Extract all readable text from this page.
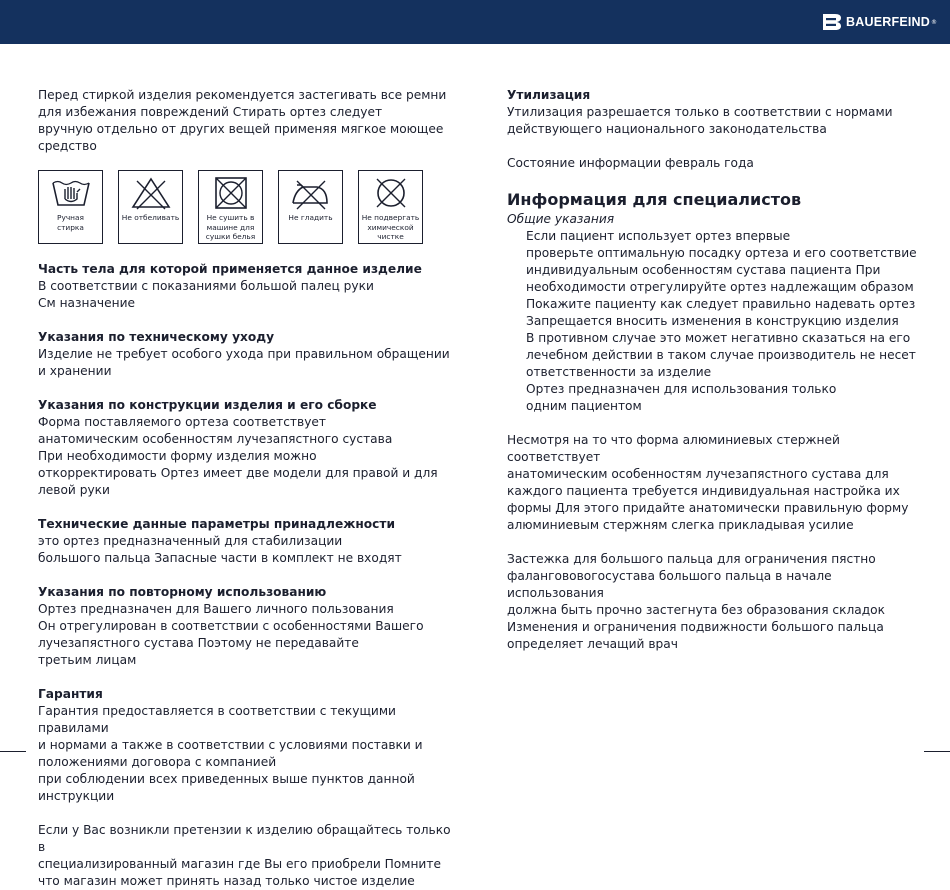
BAUERFEIND ®

Перед стиркой изделия рекомендуется застегивать все ремни
для избежания повреждений Стирать ортез следует
вручную отдельно от других вещей применяя мягкое моющее
средство

Ручная
стирка
Не отбеливать	Не сушить в
машине для
сушки белья
Не гладить	Не подвергать
химической
чистке
Часть тела для которой применяется данное изделие

В соответствии с показаниями большой палец руки
См назначение

Указания по техническому уходу

Изделие не требует особого ухода при правильном обращении
и хранении

Указания по конструкции изделия и его сборке

Форма поставляемого ортеза соответствует
анатомическим особенностям лучезапястного сустава
При необходимости форму изделия можно
откорректировать Ортез имеет две модели для правой и для
левой руки

Технические данные параметры принадлежности

это ортез предназначенный для стабилизации
большого пальца Запасные части в комплект не входят

Указания по повторному использованию

Ортез предназначен для Вашего личного пользования
Он отрегулирован в соответствии с особенностями Вашего
лучезапястного сустава Поэтому не передавайте
третьим лицам

Гарантия

Гарантия предоставляется в соответствии с текущими правилами
и нормами а также в соответствии с условиями поставки и
положениями договора с компанией
при соблюдении всех приведенных выше пунктов данной
инструкции

Если у Вас возникли претензии к изделию обращайтесь только в
специализированный магазин где Вы его приобрели Помните
что магазин может принять назад только чистое изделие

Утилизация

Утилизация разрешается только в соответствии с нормами
действующего национального законодательства

Состояние информации февраль года

Информация для специалистов

Общие указания

Если пациент использует ортез впервые
проверьте оптимальную посадку ортеза и его соответствие
индивидуальным особенностям сустава пациента При
необходимости отрегулируйте ортез надлежащим образом
Покажите пациенту как следует правильно надевать ортез
Запрещается вносить изменения в конструкцию изделия
В противном случае это может негативно сказаться на его
лечебном действии в таком случае производитель не несет
ответственности за изделие
Ортез предназначен для использования только
одним пациентом

Несмотря на то что форма алюминиевых стержней соответствует
анатомическим особенностям лучезапястного сустава для
каждого пациента требуется индивидуальная настройка их
формы Для этого придайте анатомически правильную форму
алюминиевым стержням слегка прикладывая усилие

Застежка для большого пальца для ограничения пястно
фалангововогосустава большого пальца в начале использования
должна быть прочно застегнута без образования складок
Изменения и ограничения подвижности большого пальца
определяет лечащий врач
